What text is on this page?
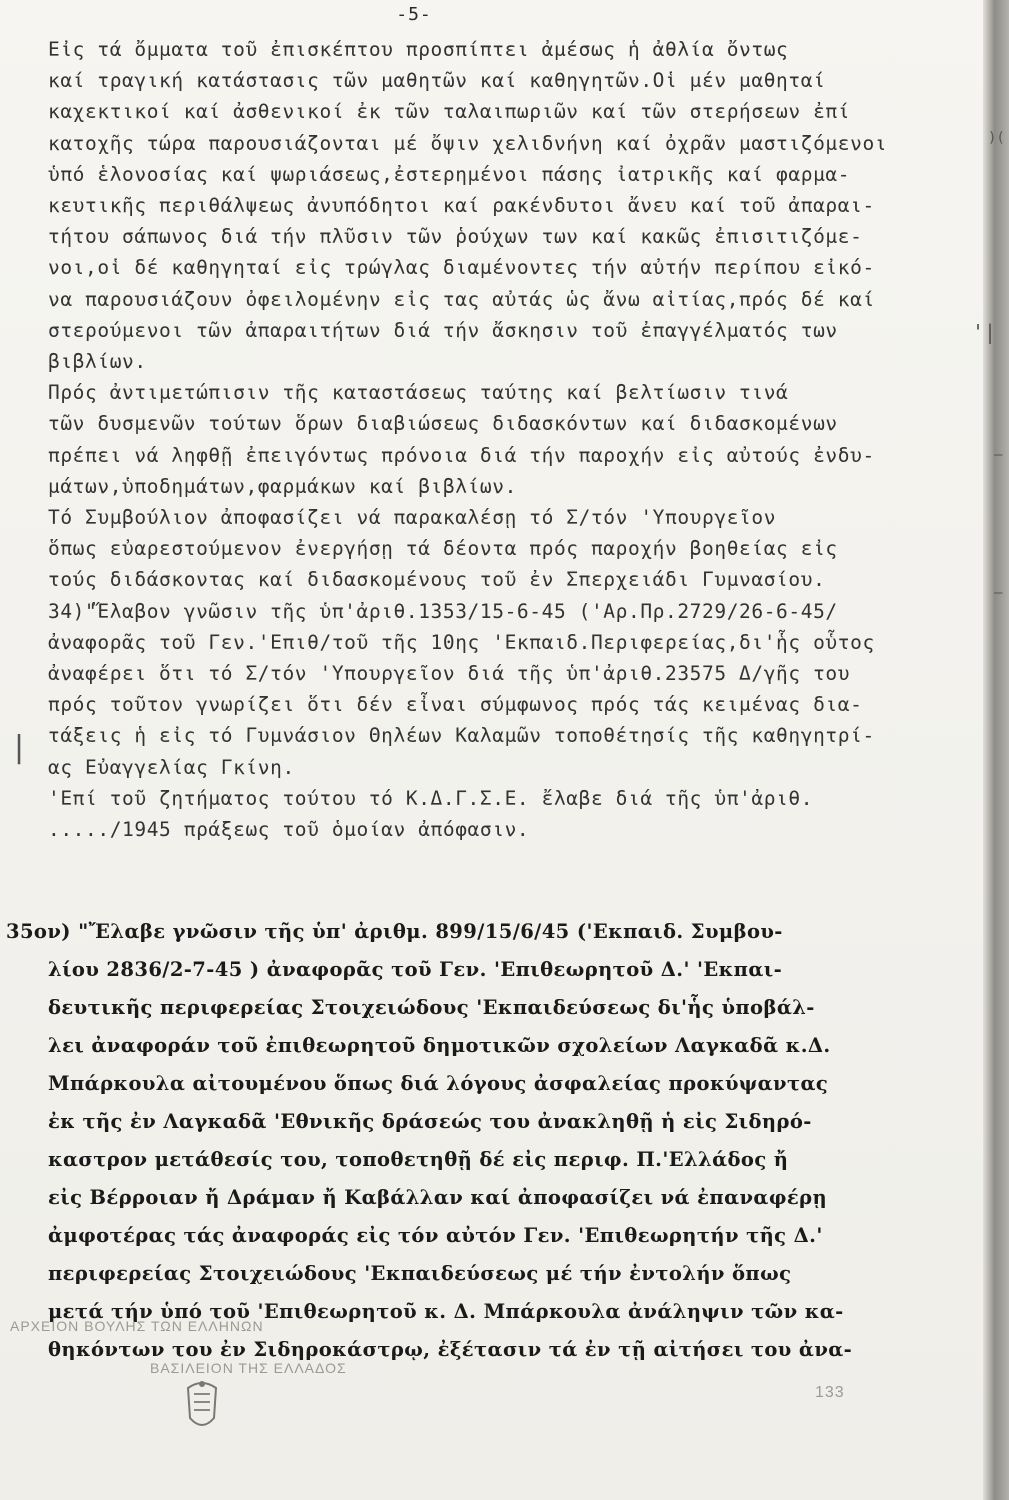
-5-
Εἰς τά ὄμματα τοῦ ἐπισκέπτου προσπίπτει ἀμέσως ἡ ἀθλία ὄντως
καί τραγική κατάστασις τῶν μαθητῶν καί καθηγητῶν.Οἱ μέν μαθηταί
καχεκτικοί καί ἀσθενικοί ἐκ τῶν ταλαιπωριῶν καί τῶν στερήσεων ἐπί
κατοχῆς τώρα παρουσιάζονται μέ ὄψιν χελιδνήνη καί ὀχρᾶν μαστιζόμενοι
ὑπό ἑλονοσίας καί ψωριάσεως,ἐστερημένοι πάσης ἰατρικῆς καί φαρμα-
κευτικῆς περιθάλψεως ἀνυπόδητοι καί ρακένδυτοι ἄνευ καί τοῦ ἀπαραι-
τήτου σάπωνος διά τήν πλῦσιν τῶν ῥούχων των καί κακῶς ἐπισιτιζόμε-
νοι,οἱ δέ καθηγηταί εἰς τρώγλας διαμένοντες τήν αὐτήν περίπου εἰκό-
να παρουσιάζουν ὀφειλομένην εἰς τας αὐτάς ὡς ἄνω αἰτίας,πρός δέ καί
στερούμενοι τῶν ἀπαραιτήτων διά τήν ἄσκησιν τοῦ ἐπαγγέλματός των
βιβλίων.
Πρός ἀντιμετώπισιν τῆς καταστάσεως ταύτης καί βελτίωσιν τινά
τῶν δυσμενῶν τούτων ὅρων διαβιώσεως διδασκόντων καί διδασκομένων
πρέπει νά ληφθῇ ἐπειγόντως πρόνοια διά τήν παροχήν εἰς αὐτούς ἐνδυ-
μάτων,ὑποδημάτων,φαρμάκων καί βιβλίων.
Τό Συμβούλιον ἀποφασίζει νά παρακαλέσῃ τό Σ/τόν 'Υπουργεῖον
ὅπως εὐαρεστούμενον ἐνεργήσῃ τά δέοντα πρός παροχήν βοηθείας εἰς
τούς διδάσκοντας καί διδασκομένους τοῦ ἐν Σπερχειάδι Γυμνασίου.
34)"Ἔλαβον γνῶσιν τῆς ὑπ'ἀριθ.1353/15-6-45 ('Αρ.Πρ.2729/26-6-45/
ἀναφορᾶς τοῦ Γεν.'Επιθ/τοῦ τῆς 10ης 'Εκπαιδ.Περιφερείας,δι'ἧς οὗτος
ἀναφέρει ὅτι τό Σ/τόν 'Υπουργεῖον διά τῆς ὑπ'ἀριθ.23575 Δ/γῆς του
πρός τοῦτον γνωρίζει ὅτι δέν εἶναι σύμφωνος πρός τάς κειμένας δια-
τάξεις ἡ εἰς τό Γυμνάσιον Θηλέων Καλαμῶν τοποθέτησίς τῆς καθηγητρί-
ας Εὐαγγελίας Γκίνη.
'Επί τοῦ ζητήματος τούτου τό Κ.Δ.Γ.Σ.Ε. ἔλαβε διά τῆς ὑπ'ἀριθ.
...../1945 πράξεως τοῦ ὁμοίαν ἀπόφασιν.
35ον) "Ἔλαβε γνῶσιν τῆς ὑπ' ἀριθμ. 899/15/6/45 ('Εκπαιδ. Συμβου-
λίου 2836/2-7-45 ) ἀναφορᾶς τοῦ Γεν. 'Επιθεωρητοῦ Δ.' 'Εκπαι-
δευτικῆς περιφερείας Στοιχειώδους 'Εκπαιδεύσεως δι'ἧς ὑποβάλ-
λει ἀναφοράν τοῦ ἐπιθεωρητοῦ δημοτικῶν σχολείων Λαγκαδᾶ κ.Δ.
Μπάρκουλα αἰτουμένου ὅπως διά λόγους ἀσφαλείας προκύψαντας
ἐκ τῆς ἐν Λαγκαδᾶ 'Εθνικῆς δράσεώς του ἀνακληθῇ ἡ εἰς Σιδηρό-
καστρον μετάθεσίς του, τοποθετηθῇ δέ εἰς περιφ. Π.'Ελλάδος ἤ
εἰς Βέρροιαν ἤ Δράμαν ἤ Καβάλλαν καί ἀποφασίζει νά ἐπαναφέρῃ
ἀμφοτέρας τάς ἀναφοράς εἰς τόν αὐτόν Γεν. 'Επιθεωρητήν τῆς Δ.'
περιφερείας Στοιχειώδους 'Εκπαιδεύσεως μέ τήν ἐντολήν ὅπως
μετά τήν ὑπό τοῦ 'Επιθεωρητοῦ κ. Δ. Μπάρκουλα ἀνάληψιν τῶν κα-
θηκόντων του ἐν Σιδηροκάστρῳ, ἐξέτασιν τά ἐν τῇ αἰτήσει του ἀνα-
ΑΡΧΕΙΟΝ ΒΟΥΛΗΣ ΤΩΝ ΕΛΛΗΝΩΝ
ΒΑΣΙΛΕΙΟΝ ΤΗΣ ΕΛΛΑΔΟΣ
133
)(
'|
—
—
|
